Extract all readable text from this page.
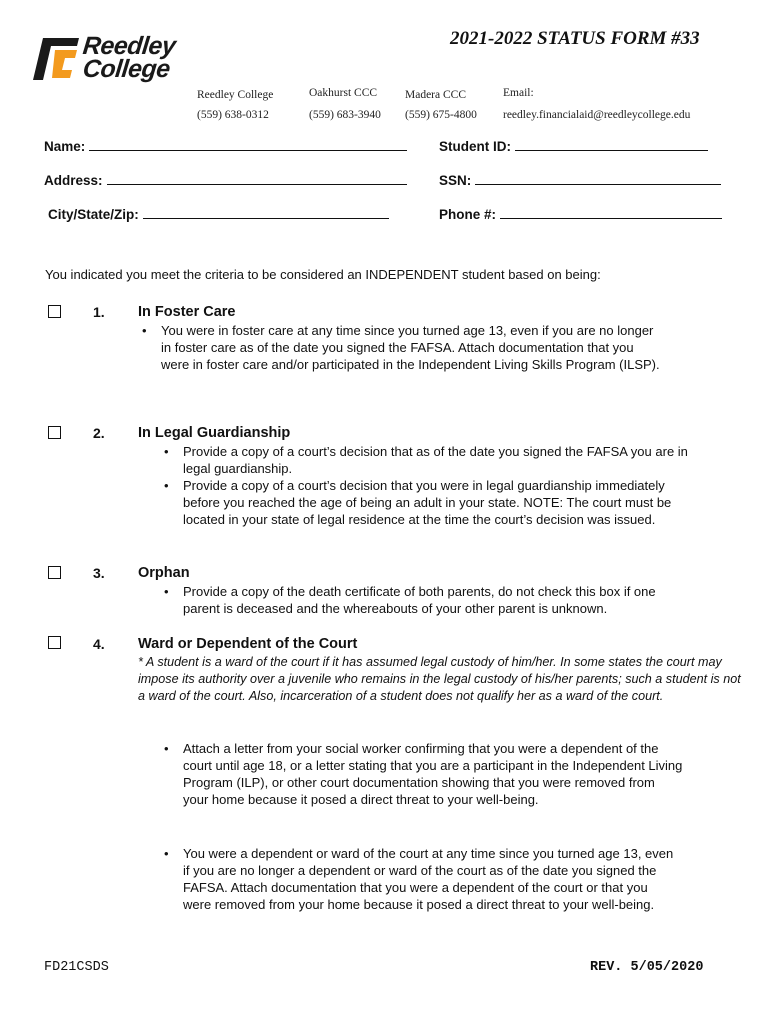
Reedley
College
2021-2022 STATUS FORM #33
Reedley College
(559) 638-0312
Oakhurst CCC
(559) 683-3940
Madera CCC
(559) 675-4800
Email:
reedley.financialaid@reedleycollege.edu
Name:	Student ID:
Address:	SSN:
City/State/Zip:	Phone #:
You indicated you meet the criteria to be considered an INDEPENDENT student based on being:
1. In Foster Care
• You were in foster care at any time since you turned age 13, even if you are no longer in foster care as of the date you signed the FAFSA. Attach documentation that you were in foster care and/or participated in the Independent Living Skills Program (ILSP).
2. In Legal Guardianship
• Provide a copy of a court’s decision that as of the date you signed the FAFSA you are in legal guardianship.
• Provide a copy of a court’s decision that you were in legal guardianship immediately before you reached the age of being an adult in your state. NOTE: The court must be located in your state of legal residence at the time the court’s decision was issued.
3. Orphan
• Provide a copy of the death certificate of both parents, do not check this box if one parent is deceased and the whereabouts of your other parent is unknown.
4. Ward or Dependent of the Court
* A student is a ward of the court if it has assumed legal custody of him/her. In some states the court may impose its authority over a juvenile who remains in the legal custody of his/her parents; such a student is not a ward of the court. Also, incarceration of a student does not qualify her as a ward of the court.
• Attach a letter from your social worker confirming that you were a dependent of the court until age 18, or a letter stating that you are a participant in the Independent Living Program (ILP), or other court documentation showing that you were removed from your home because it posed a direct threat to your well-being.
• You were a dependent or ward of the court at any time since you turned age 13, even if you are no longer a dependent or ward of the court as of the date you signed the FAFSA. Attach documentation that you were a dependent of the court or that you were removed from your home because it posed a direct threat to your well-being.
FD21CSDS	REV. 5/05/2020
